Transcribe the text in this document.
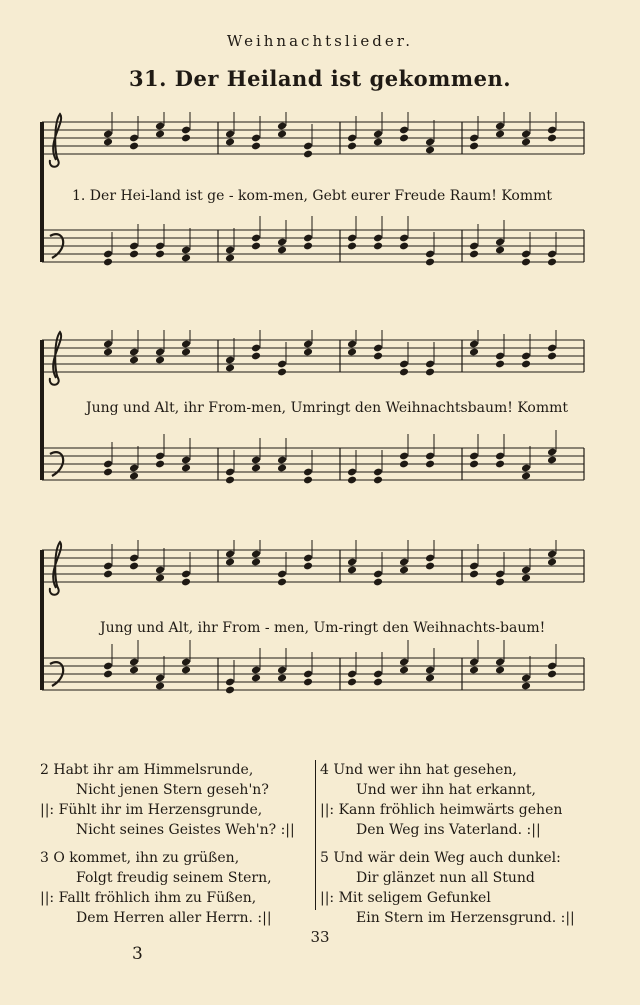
Weihnachtslieder.
31. Der Heiland ist gekommen.
1. Der Hei-land ist ge - kom-men, Gebt eurer Freude Raum! Kommt
Jung und Alt, ihr From-men, Umringt den Weihnachtsbaum! Kommt
Jung und Alt, ihr From - men, Um-ringt den Weihnachts-baum!
2 Habt ihr am Himmelsrunde,
Nicht jenen Stern geseh'n?
||: Fühlt ihr im Herzensgrunde,
Nicht seines Geistes Weh'n? :||
3 O kommet, ihn zu grüßen,
Folgt freudig seinem Stern,
||: Fallt fröhlich ihm zu Füßen,
Dem Herren aller Herrn. :||
4 Und wer ihn hat gesehen,
Und wer ihn hat erkannt,
||: Kann fröhlich heimwärts gehen
Den Weg ins Vaterland. :||
5 Und wär dein Weg auch dunkel:
Dir glänzet nun all Stund
||: Mit seligem Gefunkel
Ein Stern im Herzensgrund. :||
33
3
